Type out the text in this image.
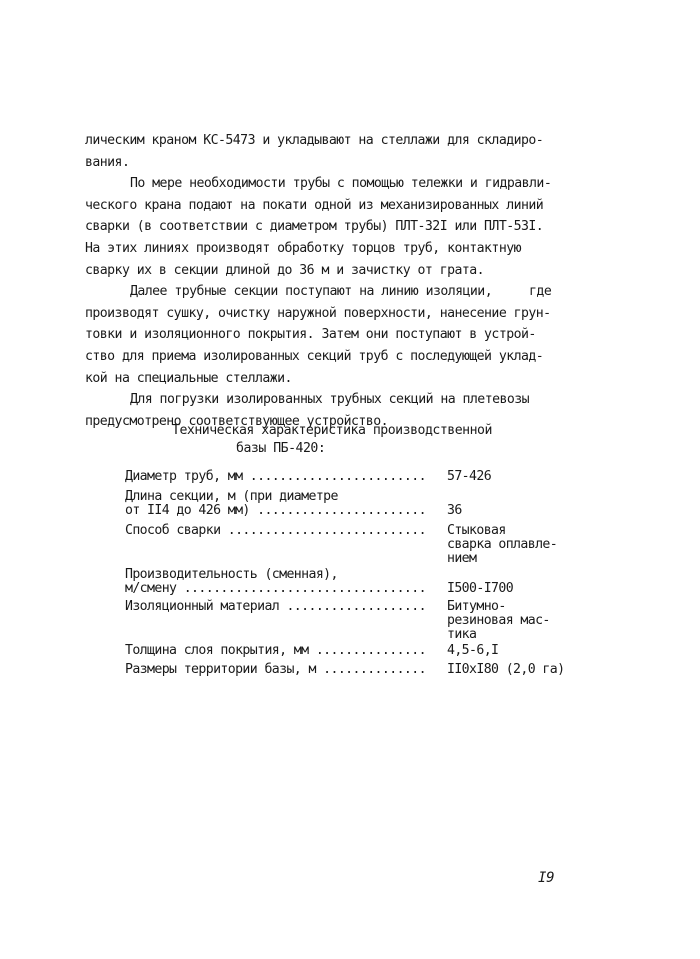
лическим краном КС-5473 и укладывают на стеллажи для складиро-
вания.

По мере необходимости трубы с помощью тележки и гидравли-
ческого крана подают на покати одной из механизированных линий
сварки (в соответствии с диаметром трубы) ПЛТ-32I или ПЛТ-53I.
На этих линиях производят обработку торцов труб, контактную
сварку их в секции длиной до 36 м и зачистку от грата.

Далее трубные секции поступают на линию изоляции,     где
производят сушку, очистку наружной поверхности, нанесение грун-
товки и изоляционного покрытия. Затем они поступают в устрой-
ство для приема изолированных секций труб с последующей уклад-
кой на специальные стеллажи.

Для погрузки изолированных трубных секций на плетевозы
предусмотрено соответствующее устройство.

Техническая характеристика производственной
базы ПБ-420:
Диаметр труб, мм ........................ 57-426
Длина секции, м (при диаметре
от II4 до 426 мм) ....................... 36
Способ сварки ........................... Стыковая
сварка оплавле-
нием
Производительность (сменная),
м/смену ................................. I500-I700
Изоляционный материал ................... Битумно-
резиновая мас-
тика
Толщина слоя покрытия, мм ............... 4,5-6,I
Размеры территории базы, м .............. II0xI80 (2,0 га)
I9
